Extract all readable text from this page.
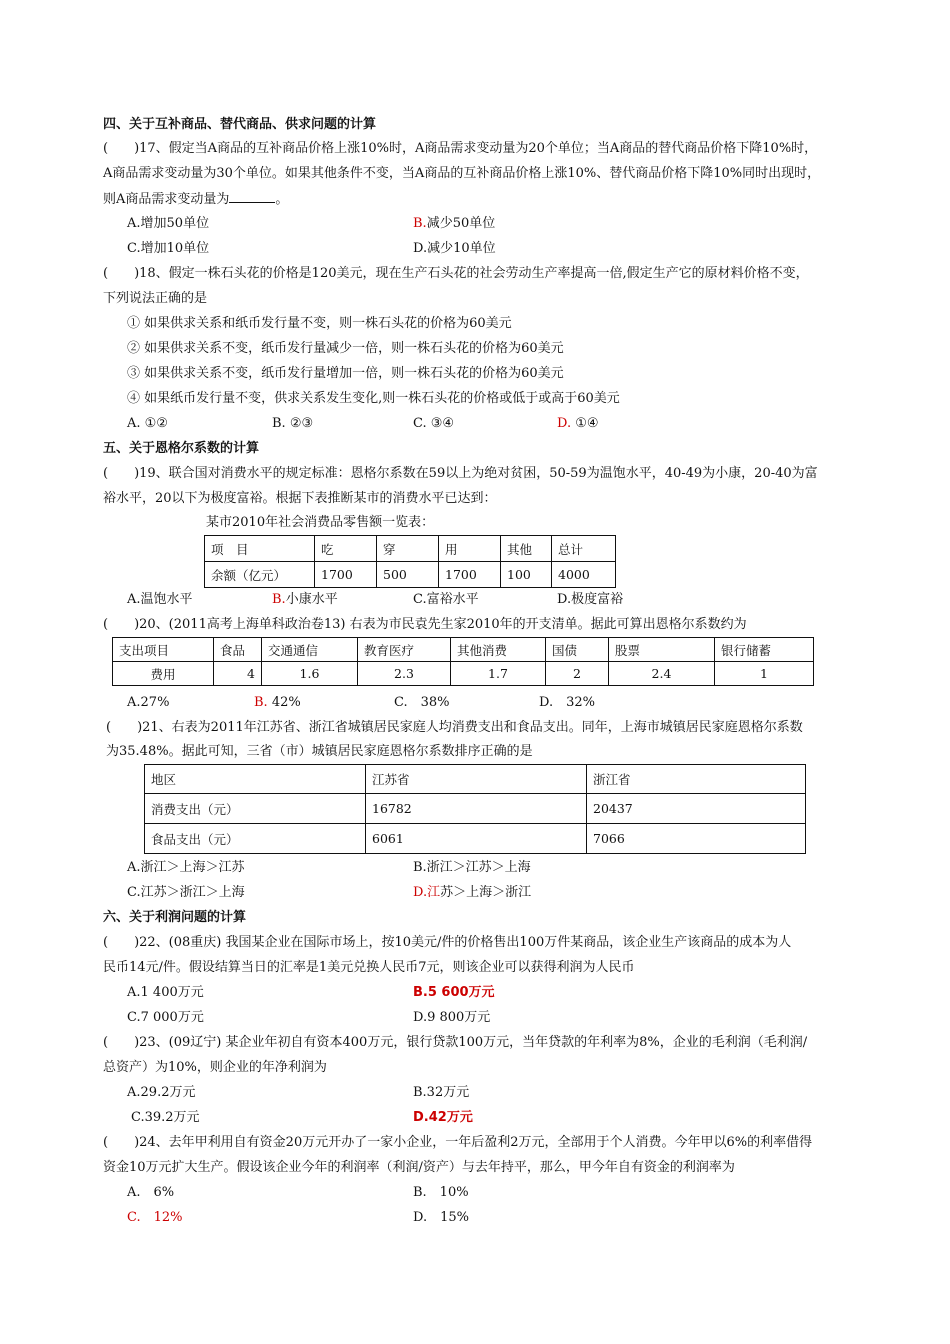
四、关于互补商品、替代商品、供求问题的计算
(　　)17、假定当A商品的互补商品价格上涨10%时，A商品需求变动量为20个单位；当A商品的替代商品价格下降10%时，
A商品需求变动量为30个单位。如果其他条件不变，当A商品的互补商品价格上涨10%、替代商品价格下降10%同时出现时，
则A商品需求变动量为	。
A.增加50单位	B.减少50单位
C.增加10单位	D.减少10单位
(　　)18、假定一株石头花的价格是120美元，现在生产石头花的社会劳动生产率提高一倍,假定生产它的原材料价格不变，
下列说法正确的是
① 如果供求关系和纸币发行量不变，则一株石头花的价格为60美元
② 如果供求关系不变，纸币发行量减少一倍，则一株石头花的价格为60美元
③ 如果供求关系不变，纸币发行量增加一倍，则一株石头花的价格为60美元
④ 如果纸币发行量不变，供求关系发生变化,则一株石头花的价格或低于或高于60美元
A. ①②	B. ②③	C. ③④	D. ①④
五、关于恩格尔系数的计算
(　　)19、联合国对消费水平的规定标准：恩格尔系数在59以上为绝对贫困，50-59为温饱水平，40-49为小康，20-40为富
裕水平，20以下为极度富裕。根据下表推断某市的消费水平已达到：
某市2010年社会消费品零售额一览表：
项　目	吃	穿	用	其他	总计
余额（亿元）	1700	500	1700	100	4000
A.温饱水平	B.小康水平	C.富裕水平	D.极度富裕
(　　)20、(2011高考上海单科政治卷13) 右表为市民袁先生家2010年的开支清单。据此可算出恩格尔系数约为
支出项目	食品	交通通信	教育医疗	其他消费	国债	股票	银行储蓄
费用	4	1.6	2.3	1.7	2	2.4	1
A.27%	B. 42%	C.　38%	D.　32%
(　　)21、右表为2011年江苏省、浙江省城镇居民家庭人均消费支出和食品支出。同年，上海市城镇居民家庭恩格尔系数
为35.48%。据此可知，三省（市）城镇居民家庭恩格尔系数排序正确的是
地区	江苏省	浙江省
消费支出（元）	16782	20437
食品支出（元）	6061	7066
A.浙江＞上海＞江苏	B.浙江＞江苏＞上海
C.江苏＞浙江＞上海	D.江苏＞上海＞浙江
六、关于利润问题的计算
(　　)22、(08重庆) 我国某企业在国际市场上，按10美元/件的价格售出100万件某商品，该企业生产该商品的成本为人
民币14元/件。假设结算当日的汇率是1美元兑换人民币7元，则该企业可以获得利润为人民币
A.1 400万元	B.5 600万元
C.7 000万元	D.9 800万元
(　　)23、(09辽宁) 某企业年初自有资本400万元，银行贷款100万元，当年贷款的年利率为8%，企业的毛利润（毛利润/
总资产）为10%，则企业的年净利润为
A.29.2万元	B.32万元
C.39.2万元	D.42万元
(　　)24、去年甲利用自有资金20万元开办了一家小企业，一年后盈利2万元，全部用于个人消费。今年甲以6%的利率借得
资金10万元扩大生产。假设该企业今年的利润率（利润/资产）与去年持平，那么，甲今年自有资金的利润率为
A.　6%	B.　10%
C.　12%	D.　15%
